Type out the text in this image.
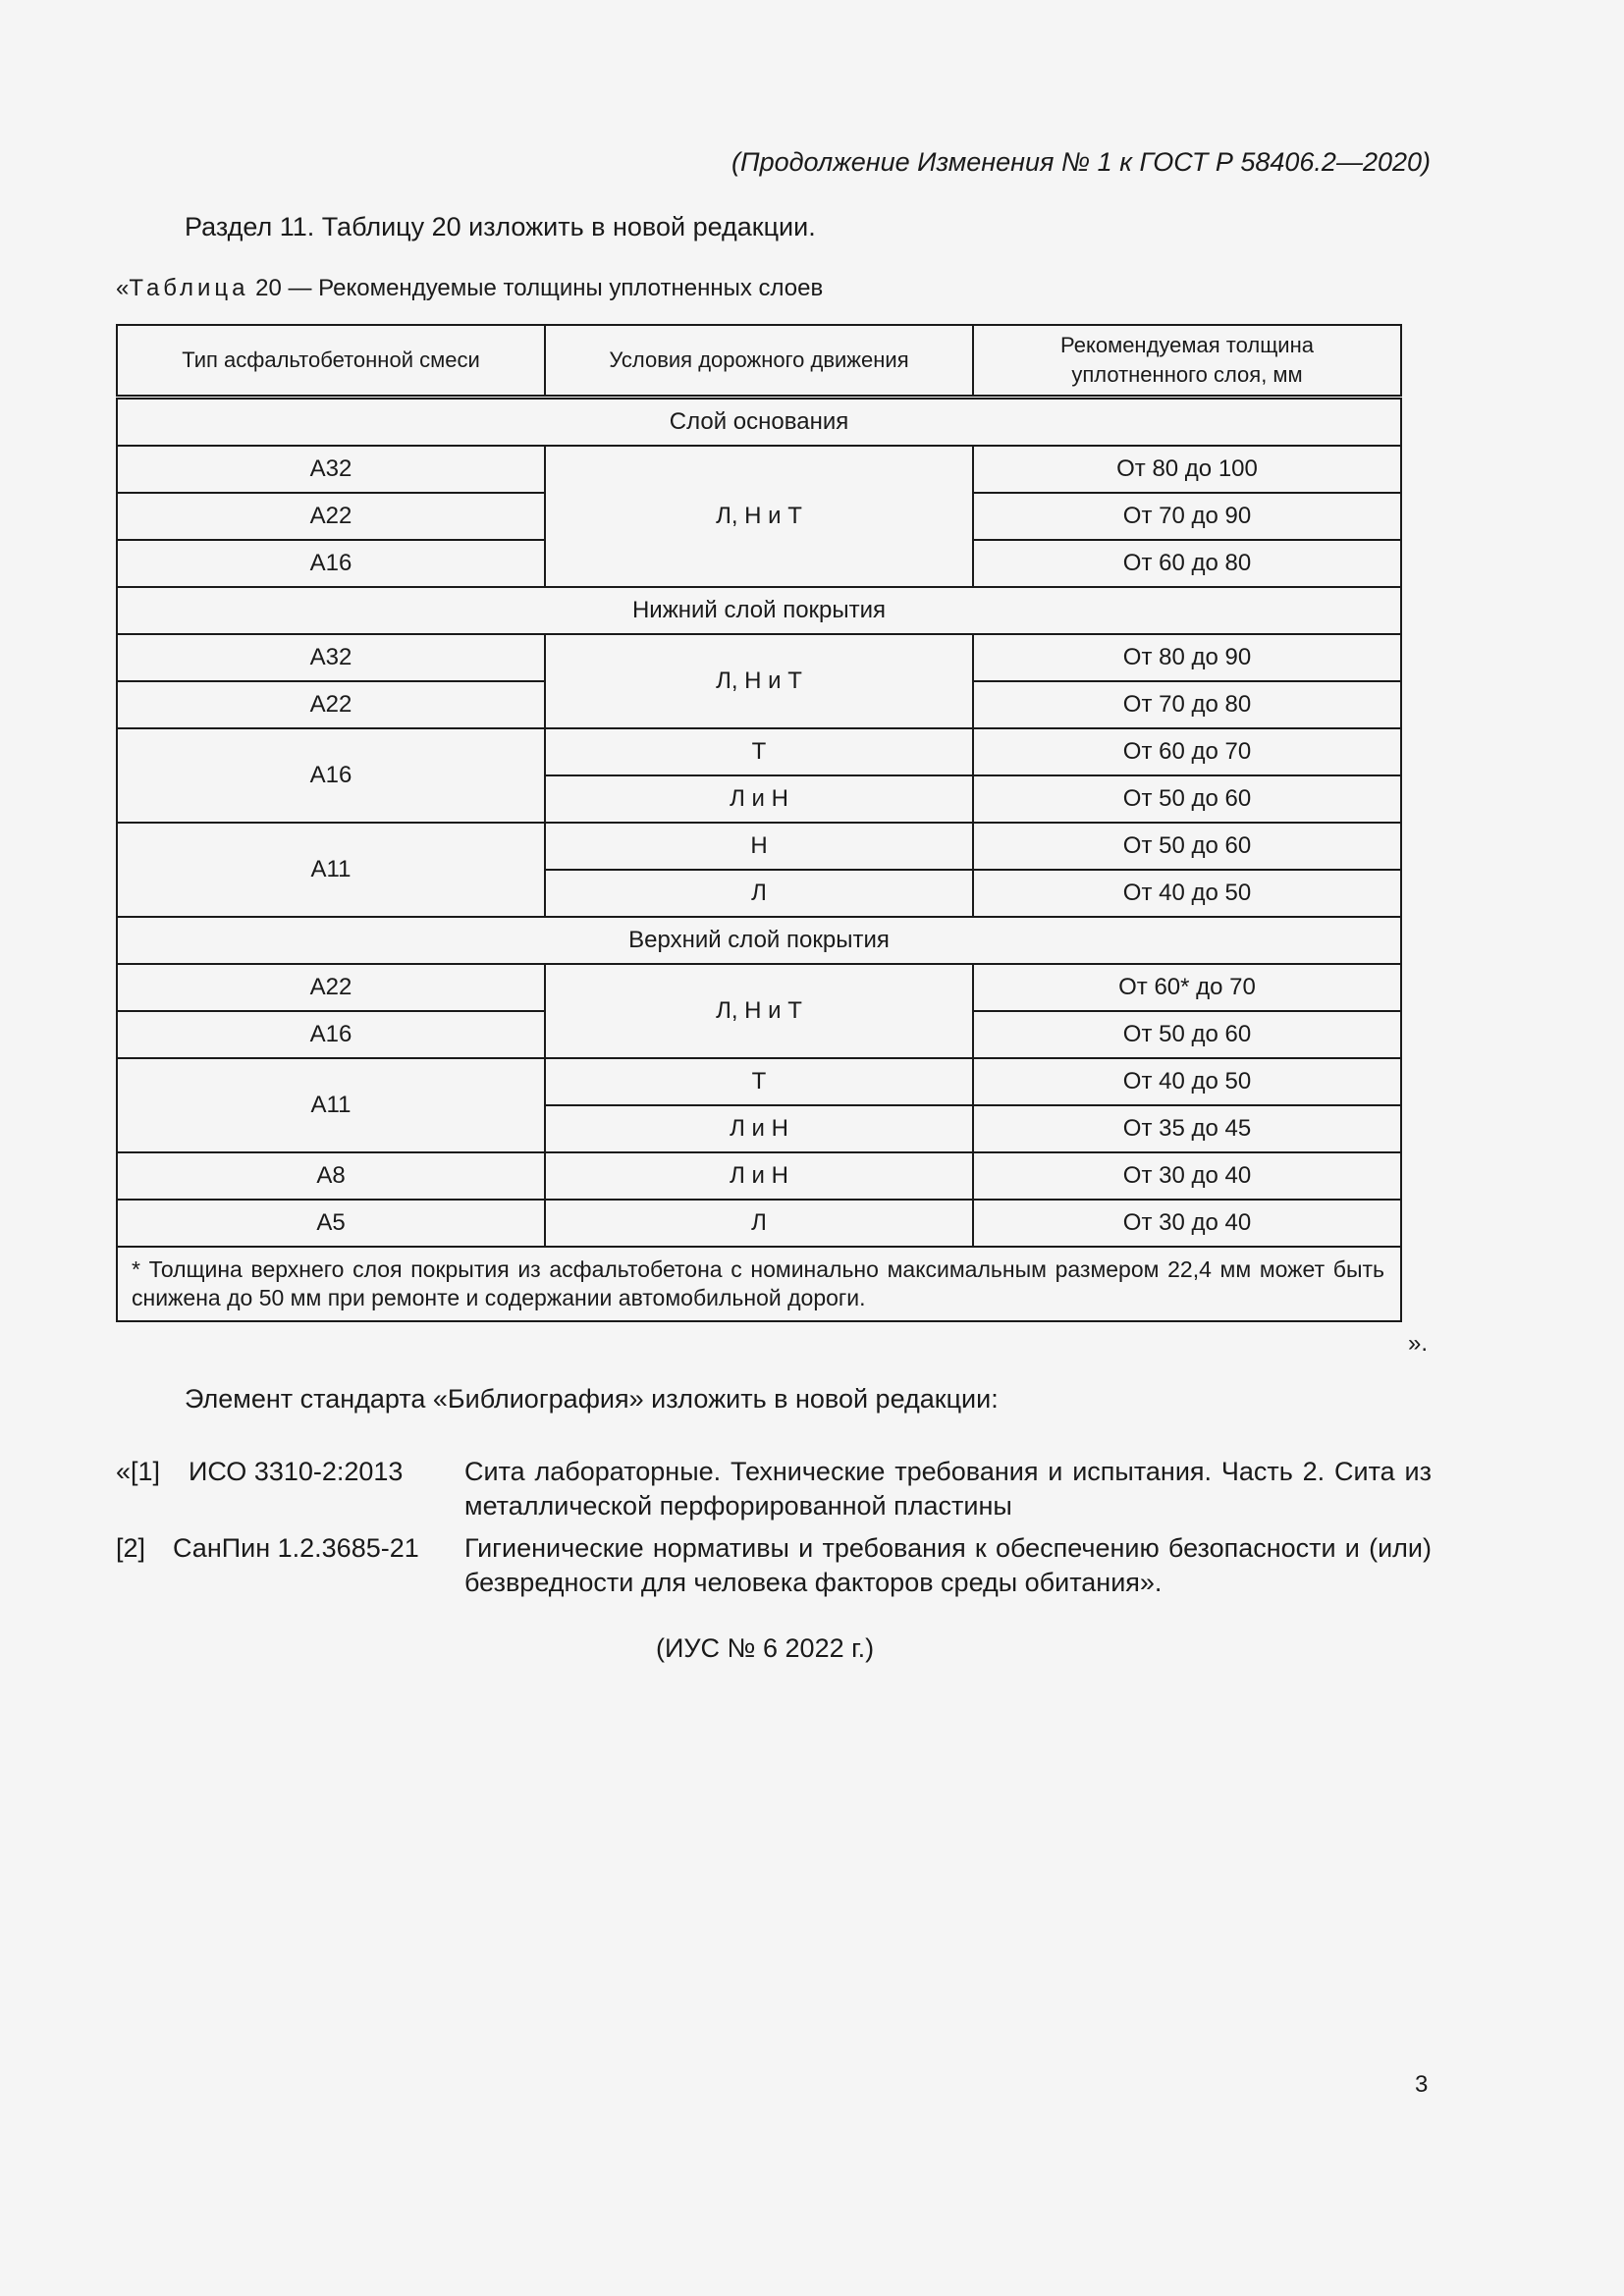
(Продолжение Изменения № 1 к ГОСТ Р 58406.2—2020)
Раздел 11. Таблицу 20 изложить в новой редакции.
«Таблица 20 — Рекомендуемые толщины уплотненных слоев
Тип асфальтобетонной смеси	Условия дорожного движения	Рекомендуемая толщина
уплотненного слоя, мм
Слой основания		
А32	Л, Н и Т	От 80 до 100
А22		От 70 до 90
А16		От 60 до 80
Нижний слой покрытия		
А32	Л, Н и Т	От 80 до 90
А22		От 70 до 80
А16	Т	От 60 до 70
	Л и Н	От 50 до 60
А11	Н	От 50 до 60
	Л	От 40 до 50
Верхний слой покрытия		
А22	Л, Н и Т	От 60* до 70
А16		От 50 до 60
А11	Т	От 40 до 50
	Л и Н	От 35 до 45
А8	Л и Н	От 30 до 40
А5	Л	От 30 до 40
* Толщина верхнего слоя покрытия из асфальтобетона с номинально максимальным размером 22,4 мм может быть снижена до 50 мм при ремонте и содержании автомобильной дороги.		
».
Элемент стандарта «Библиография» изложить в новой редакции:
«[1] ИСО 3310-2:2013 Сита лабораторные. Технические требования и испытания. Часть 2. Сита из металлической перфорированной пластины
[2] СанПин 1.2.3685-21 Гигиенические нормативы и требования к обеспечению безопасности и (или) безвредности для человека факторов среды обитания».
(ИУС № 6 2022 г.)
3
